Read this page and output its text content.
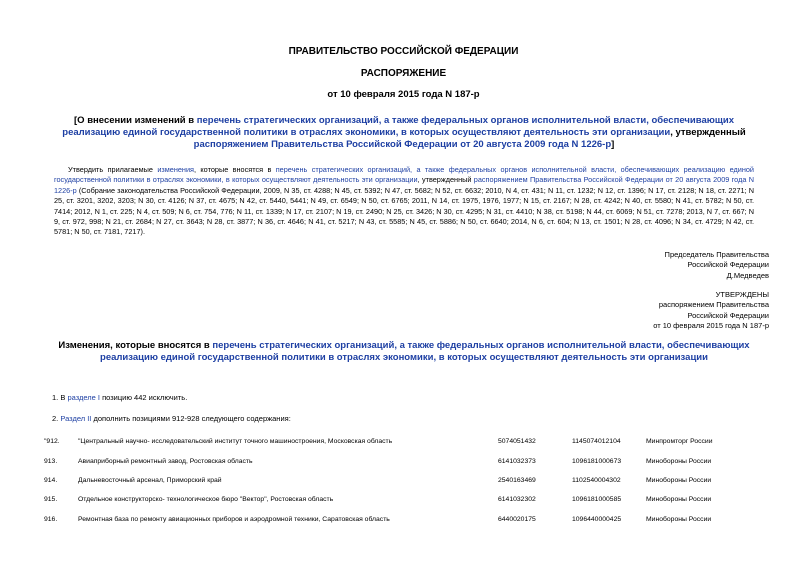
ПРАВИТЕЛЬСТВО РОССИЙСКОЙ ФЕДЕРАЦИИ
РАСПОРЯЖЕНИЕ
от 10 февраля 2015 года N 187-р
[О внесении изменений в перечень стратегических организаций, а также федеральных органов исполнительной власти, обеспечивающих реализацию единой государственной политики в отраслях экономики, в которых осуществляют деятельность эти организации, утвержденный распоряжением Правительства Российской Федерации от 20 августа 2009 года N 1226-р]
Утвердить прилагаемые изменения, которые вносятся в перечень стратегических организаций, а также федеральных органов исполнительной власти, обеспечивающих реализацию единой государственной политики в отраслях экономики, в которых осуществляют деятельность эти организации, утвержденный распоряжением Правительства Российской Федерации от 20 августа 2009 года N 1226-р (Собрание законодательства Российской Федерации, 2009, N 35, ст. 4288; N 45, ст. 5392; N 47, ст. 5682; N 52, ст. 6632; 2010, N 4, ст. 431; N 11, ст. 1232; N 12, ст. 1396; N 17, ст. 2128; N 18, ст. 2271; N 25, ст. 3201, 3202, 3203; N 30, ст. 4126; N 37, ст. 4675; N 42, ст. 5440, 5441; N 49, ст. 6549; N 50, ст. 6765; 2011, N 14, ст. 1975, 1976, 1977; N 15, ст. 2167; N 28, ст. 4242; N 40, ст. 5580; N 41, ст. 5782; N 50, ст. 7414; 2012, N 1, ст. 225; N 4, ст. 509; N 6, ст. 754, 776; N 11, ст. 1339; N 17, ст. 2107; N 19, ст. 2490; N 25, ст. 3426; N 30, ст. 4295; N 31, ст. 4410; N 38, ст. 5198; N 44, ст. 6069; N 51, ст. 7278; 2013, N 7, ст. 667; N 9, ст. 972, 998; N 21, ст. 2684; N 27, ст. 3643; N 28, ст. 3877; N 36, ст. 4646; N 41, ст. 5217; N 43, ст. 5585; N 45, ст. 5886; N 50, ст. 6640; 2014, N 6, ст. 604; N 13, ст. 1501; N 28, ст. 4096; N 34, ст. 4729; N 42, ст. 5781; N 50, ст. 7181, 7217).
Председатель Правительства
Российской Федерации
Д.Медведев
УТВЕРЖДЕНЫ
распоряжением Правительства
Российской Федерации
от 10 февраля 2015 года N 187-р
Изменения, которые вносятся в перечень стратегических организаций, а также федеральных органов исполнительной власти, обеспечивающих реализацию единой государственной политики в отраслях экономики, в которых осуществляют деятельность эти организации
1. В разделе I позицию 442 исключить.
2. Раздел II дополнить позициями 912-928 следующего содержания:
"912.	"Центральный научно- исследовательский институт точного машиностроения, Московская область	5074051432	1145074012104	Минпромторг России
913.	Авиаприборный ремонтный завод, Ростовская область	6141032373	1096181000673	Минобороны России
914.	Дальневосточный арсенал, Приморский край	2540163469	1102540004302	Минобороны России
915.	Отдельное конструкторско- технологическое бюро "Вектор", Ростовская область	6141032302	1096181000585	Минобороны России
916.	Ремонтная база по ремонту авиационных приборов и аэродромной техники, Саратовская область	6440020175	1096440000425	Минобороны России
